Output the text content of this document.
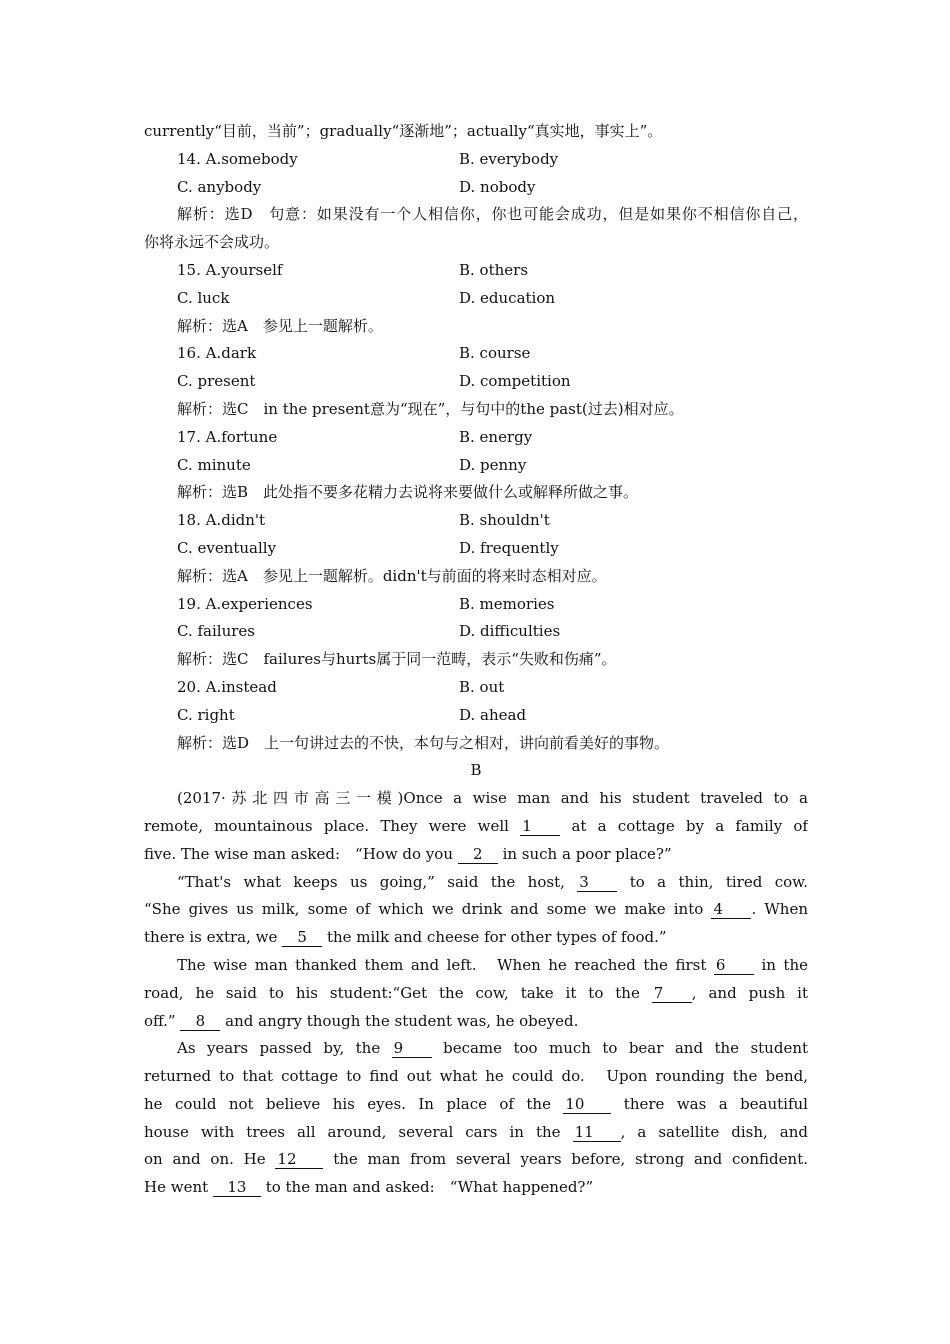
currently“目前，当前”；gradually“逐渐地”；actually“真实地，事实上”。
14. A.somebody	B. everybody
C. anybody	D. nobody
解析：选D　句意：如果没有一个人相信你，你也可能会成功，但是如果你不相信你自己，
你将永远不会成功。
15. A.yourself	B. others
C. luck	D. education
解析：选A　参见上一题解析。
16. A.dark	B. course
C. present	D. competition
解析：选C　in the present意为“现在”，与句中的the past(过去)相对应。
17. A.fortune	B. energy
C. minute	D. penny
解析：选B　此处指不要多花精力去说将来要做什么或解释所做之事。
18. A.didn't	B. shouldn't
C. eventually	D. frequently
解析：选A　参见上一题解析。didn't与前面的将来时态相对应。
19. A.experiences	B. memories
C. failures	D. difficulties
解析：选C　failures与hurts属于同一范畴，表示“失败和伤痛”。
20. A.instead	B. out
C. right	D. ahead
解析：选D　上一句讲过去的不快，本句与之相对，讲向前看美好的事物。
B
(2017·苏北四市高三一模)Once a wise man and his student traveled to a
remote, mountainous place. They were well 1	at a cottage by a family of
five. The wise man asked:　“How do you 2 in such a poor place?”
“That's what keeps us going,” said the host, 3	to a thin, tired cow.
“She gives us milk, some of which we drink and some we make into 4 . When
there is extra, we 5 the milk and cheese for other types of food.”
The wise man thanked them and left.　When he reached the first 6 in the
road, he said to his student:“Get the cow, take it to the 7 , and push it
off.” 8 and angry though the student was, he obeyed.
As years passed by, the 9	became too much to bear and the student
returned to that cottage to find out what he could do.　Upon rounding the bend,
he could not believe his eyes. In place of the 10	there was a beautiful
house with trees all around, several cars in the 11 , a satellite dish, and
on and on. He 12 the man from several years before, strong and confident.
He went 13 to the man and asked:　“What happened?”
